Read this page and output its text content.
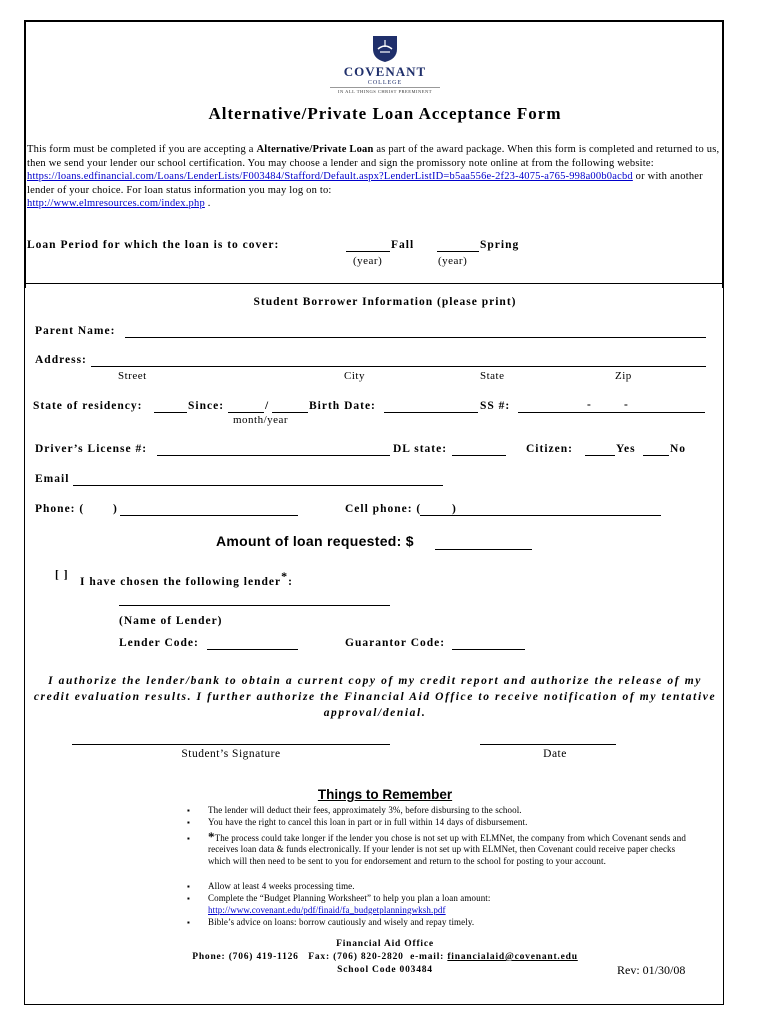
COVENANT
COLLEGE
IN ALL THINGS CHRIST PREEMINENT
Alternative/Private Loan Acceptance Form
This form must be completed if you are accepting a Alternative/Private Loan as part of the award package. When this form is completed and returned to us, then we send your lender our school certification. You may choose a lender and sign the promissory note online at from the following website:
https://loans.edfinancial.com/Loans/LenderLists/F003484/Stafford/Default.aspx?LenderListID=b5aa556e-2f23-4075-a765-998a00b0acbd or with another lender of your choice. For loan status information you may log on to:
http://www.elmresources.com/index.php .
Loan Period for which the loan is to cover:	Fall	Spring
(year)	(year)
Student Borrower Information (please print)
Parent Name:
Address:
Street	City	State	Zip
State of residency:	Since:	/	Birth Date:	SS #:	-	-
month/year
Driver’s License #:	DL state:	Citizen:	Yes	No
Email
Phone: (	)	Cell phone: (	)
Amount of loan requested: $
[ ]
I have chosen the following lender*:
(Name of Lender)
Lender Code:	Guarantor Code:
I authorize the lender/bank to obtain a current copy of my credit report and authorize the release of my credit evaluation results. I further authorize the Financial Aid Office to receive notification of my tentative approval/denial.
Student’s Signature	Date
Things to Remember
▪ The lender will deduct their fees, approximately 3%, before disbursing to the school.
▪ You have the right to cancel this loan in part or in full within 14 days of disbursement.
▪ *The process could take longer if the lender you chose is not set up with ELMNet, the company from which Covenant sends and receives loan data & funds electronically. If your lender is not set up with ELMNet, then Covenant could receive paper checks which will then need to be sent to you for endorsement and return to the school for posting to your account.
▪ Allow at least 4 weeks processing time.
▪ Complete the “Budget Planning Worksheet” to help you plan a loan amount:
http://www.covenant.edu/pdf/finaid/fa_budgetplanningwksh.pdf
▪ Bible’s advice on loans: borrow cautiously and wisely and repay timely.
Financial Aid Office
Phone: (706) 419-1126 Fax: (706) 820-2820 e-mail: financialaid@covenant.edu
School Code 003484	Rev: 01/30/08
